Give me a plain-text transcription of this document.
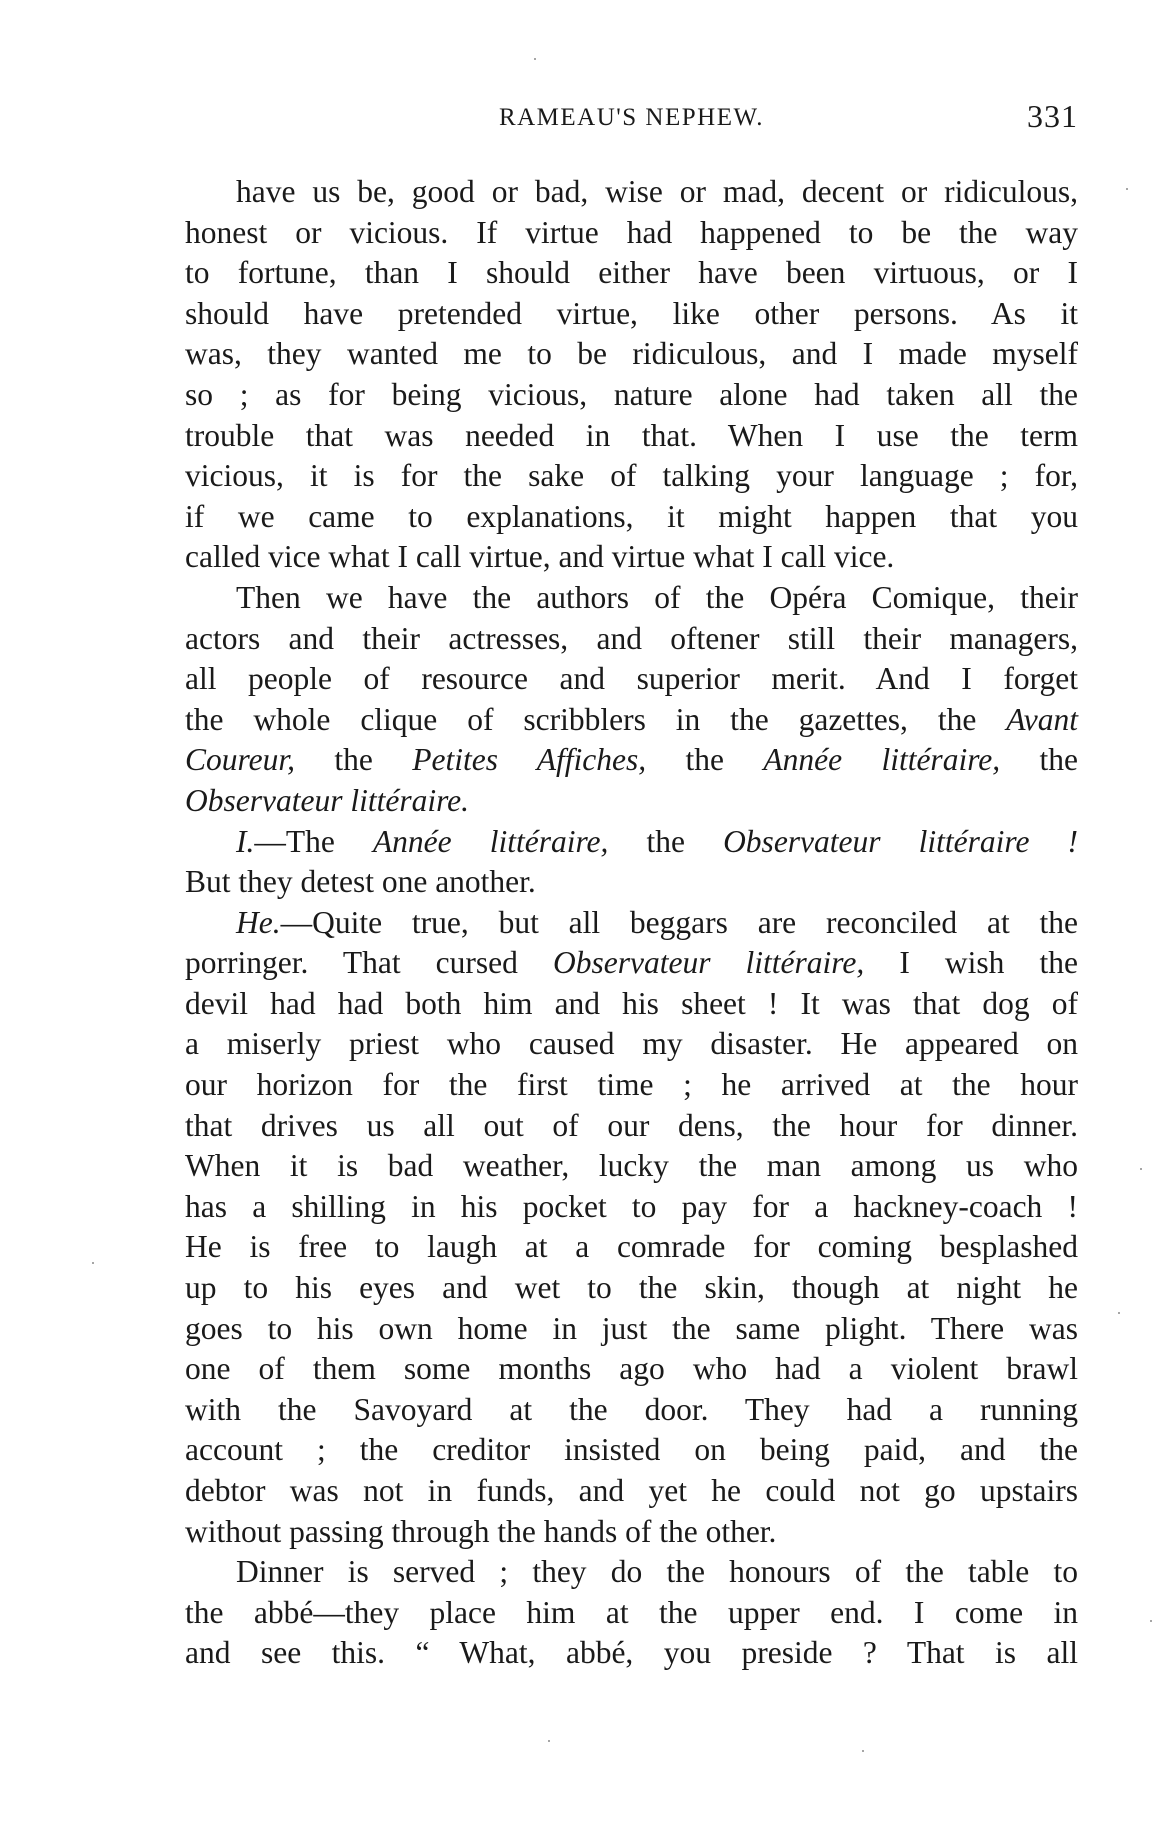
RAMEAU'S NEPHEW.	331
have us be, good or bad, wise or mad, decent or ridiculous,
honest or vicious. If virtue had happened to be the way
to fortune, than I should either have been virtuous, or I
should have pretended virtue, like other persons. As it
was, they wanted me to be ridiculous, and I made myself
so ; as for being vicious, nature alone had taken all the
trouble that was needed in that. When I use the term
vicious, it is for the sake of talking your language ; for,
if we came to explanations, it might happen that you
called vice what I call virtue, and virtue what I call vice.
Then we have the authors of the Opéra Comique, their
actors and their actresses, and oftener still their managers,
all people of resource and superior merit. And I forget
the whole clique of scribblers in the gazettes, the Avant
Coureur, the Petites Affiches, the Année littéraire, the
Observateur littéraire.
I.—The Année littéraire, the Observateur littéraire !
But they detest one another.
He.—Quite true, but all beggars are reconciled at the
porringer. That cursed Observateur littéraire, I wish the
devil had had both him and his sheet ! It was that dog of
a miserly priest who caused my disaster. He appeared on
our horizon for the first time ; he arrived at the hour
that drives us all out of our dens, the hour for dinner.
When it is bad weather, lucky the man among us who
has a shilling in his pocket to pay for a hackney-coach !
He is free to laugh at a comrade for coming besplashed
up to his eyes and wet to the skin, though at night he
goes to his own home in just the same plight. There was
one of them some months ago who had a violent brawl
with the Savoyard at the door. They had a running
account ; the creditor insisted on being paid, and the
debtor was not in funds, and yet he could not go upstairs
without passing through the hands of the other.
Dinner is served ; they do the honours of the table to
the abbé—they place him at the upper end. I come in
and see this. “ What, abbé, you preside ? That is all
